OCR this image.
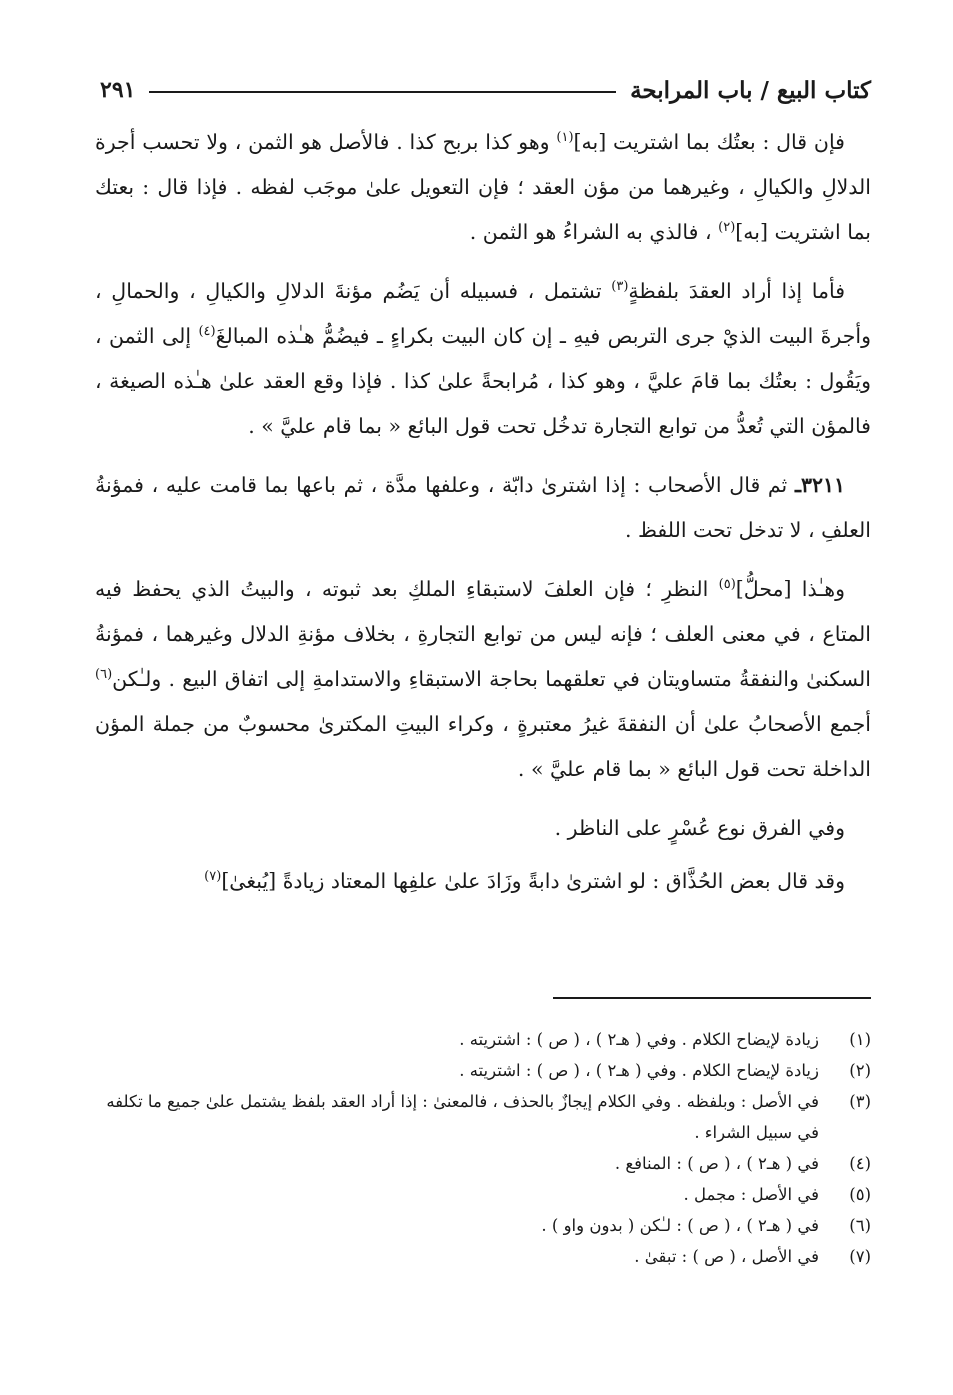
كتاب البيع / باب المرابحة
٢٩١

فإن قال : بعتُك بما اشتريت [به]$^{(١)}$ وهو كذا بربح كذا . فالأصل هو الثمن ، ولا تحسب أجرة الدلالِ والكيالِ ، وغيرهما من مؤن العقد ؛ فإن التعويل علىٰ موجَب لفظه . فإذا قال : بعتك بما اشتريت [به]$^{(٢)}$ ، فالذي به الشراءُ هو الثمن .

فأما إذا أراد العقدَ بلفظةٍ$^{(٣)}$ تشتمل ، فسبيله أن يَضُم مؤنةَ الدلالِ والكيالِ ، والحمالِ ، وأجرةَ البيت الذيْ جرى التربص فيهِ ـ إن كان البيت بكراءٍ ـ فيضُمُّ هـٰذه المبالغَ$^{(٤)}$ إلى الثمن ، ويَقُول : بعتُك بما قامَ عليَّ ، وهو كذا ، مُرابحةً علىٰ كذا . فإذا وقع العقد علىٰ هـٰذه الصيغة ، فالمؤن التي تُعدُّ من توابع التجارة تدخُل تحت قول البائع « بما قام عليَّ » .

٣٢١١ـ ثم قال الأصحاب : إذا اشترىٰ دابّة ، وعلفها مدَّة ، ثم باعها بما قامت عليه ، فمؤنةُ العلفِ ، لا تدخل تحت اللفظ .

وهـٰذا [محلُّ]$^{(٥)}$ النظرِ ؛ فإن العلفَ لاستبقاءِ الملكِ بعد ثبوته ، والبيتُ الذي يحفظ فيه المتاع ، في معنى العلف ؛ فإنه ليس من توابع التجارةِ ، بخلاف مؤنةِ الدلال وغيرهما ، فمؤنةُ السكنىٰ والنفقةُ متساويتان في تعلقهما بحاجة الاستبقاءِ والاستدامةِ إلى اتفاق البيع . ولـٰكن$^{(٦)}$ أجمع الأصحابُ علىٰ أن النفقةَ غيرُ معتبرةٍ ، وكراء البيتِ المكترىٰ محسوبٌ من جملة المؤن الداخلة تحت قول البائع « بما قام عليَّ » .

وفي الفرق نوع عُسْرٍ على الناظر .

وقد قال بعض الحُذَّاق : لو اشترىٰ دابةً وزَادَ علىٰ علفِها المعتاد زيادةً [يُبغىٰ]$^{(٧)}$

(١)
زيادة لإيضاح الكلام . وفي ( هـ٢ ) ، ( ص ) : اشتريته .
(٢)
زيادة لإيضاح الكلام . وفي ( هـ٢ ) ، ( ص ) : اشتريته .
(٣)
في الأصل : وبلفظه . وفي الكلام إيجازٌ بالحذف ، فالمعنىٰ : إذا أراد العقد بلفظ يشتمل علىٰ جميع ما تكلفه في سبيل الشراء .
(٤)
في ( هـ٢ ) ، ( ص ) : المنافع .
(٥)
في الأصل : مجمل .
(٦)
في ( هـ٢ ) ، ( ص ) : لـٰكن ( بدون واو ) .
(٧)
في الأصل ، ( ص ) : تبقىٰ .
